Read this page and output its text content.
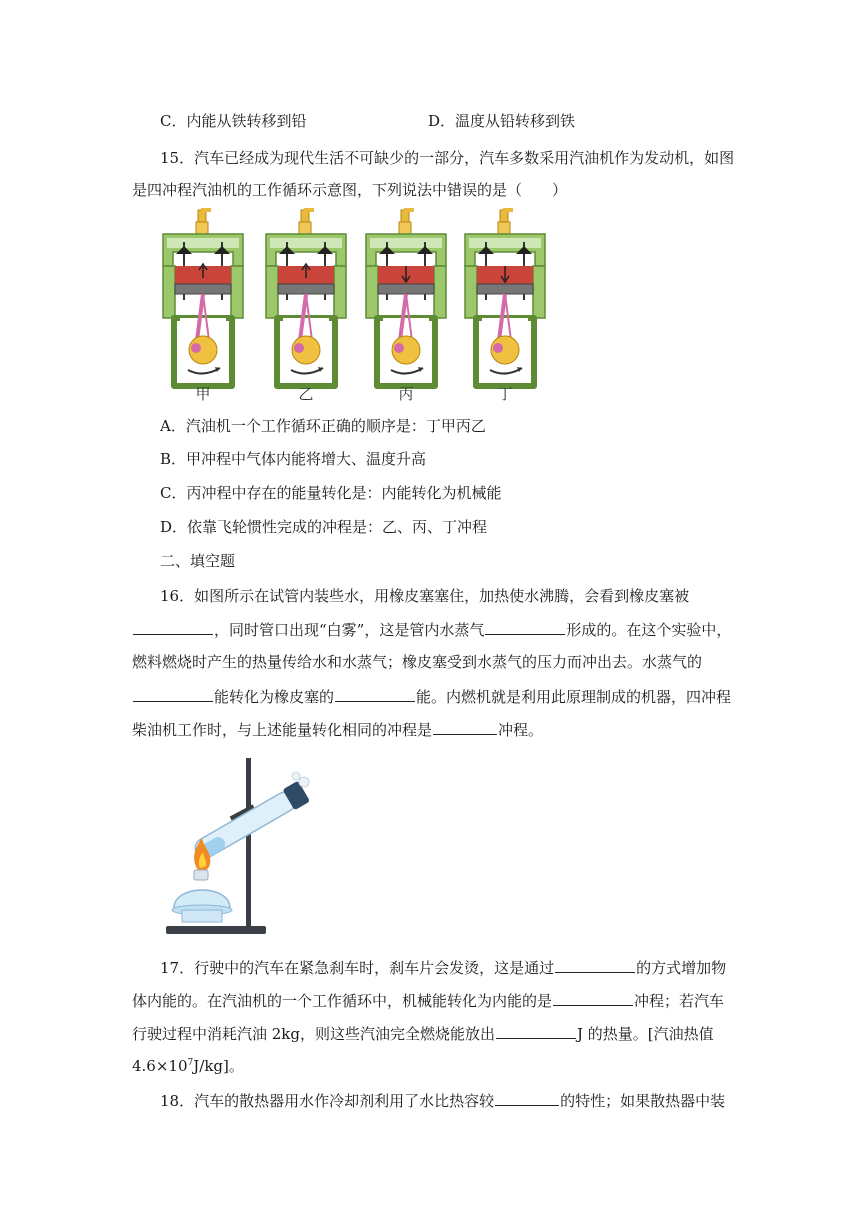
C．内能从铁转移到铅	D．温度从铅转移到铁
15．汽车已经成为现代生活不可缺少的一部分，汽车多数采用汽油机作为发动机，如图
是四冲程汽油机的工作循环示意图，下列说法中错误的是（　　）
甲	乙	丙	丁
A．汽油机一个工作循环正确的顺序是：丁甲丙乙
B．甲冲程中气体内能将增大、温度升高
C．丙冲程中存在的能量转化是：内能转化为机械能
D．依靠飞轮惯性完成的冲程是：乙、丙、丁冲程
二、填空题
16．如图所示在试管内装些水，用橡皮塞塞住，加热使水沸腾，会看到橡皮塞被
，同时管口出现“白雾”，这是管内水蒸气	形成的。在这个实验中，
燃料燃烧时产生的热量传给水和水蒸气；橡皮塞受到水蒸气的压力而冲出去。水蒸气的
能转化为橡皮塞的	能。内燃机就是利用此原理制成的机器，四冲程
柴油机工作时，与上述能量转化相同的冲程是	冲程。
17．行驶中的汽车在紧急刹车时，刹车片会发烫，这是通过	的方式增加物
体内能的。在汽油机的一个工作循环中，机械能转化为内能的是	冲程；若汽车
行驶过程中消耗汽油 2kg，则这些汽油完全燃烧能放出	J 的热量。[汽油热值
$4.6\times 10^7J/kg$]。
18．汽车的散热器用水作冷却剂利用了水比热容较	的特性；如果散热器中装
